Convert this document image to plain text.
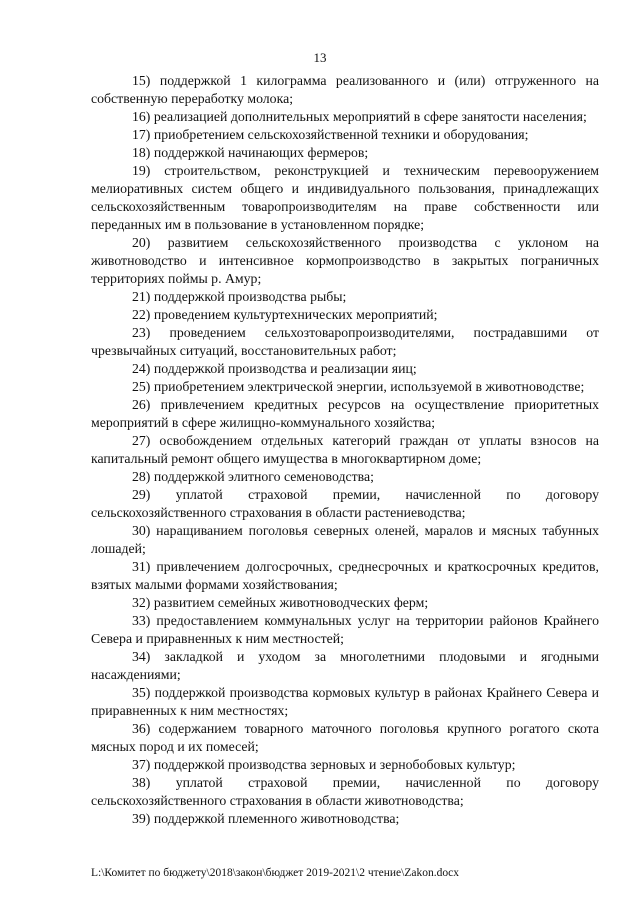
13

15) поддержкой 1 килограмма реализованного и (или) отгруженного на собственную переработку молока;

16) реализацией дополнительных мероприятий в сфере занятости населения;

17) приобретением сельскохозяйственной техники и оборудования;

18) поддержкой начинающих фермеров;

19) строительством, реконструкцией и техническим перевооружением мелиоративных систем общего и индивидуального пользования, принадлежащих сельскохозяйственным товаропроизводителям на праве собственности или переданных им в пользование в установленном порядке;

20) развитием сельскохозяйственного производства с уклоном на животноводство и интенсивное кормопроизводство в закрытых пограничных территориях поймы р. Амур;

21) поддержкой производства рыбы;

22) проведением культуртехнических мероприятий;

23) проведением сельхозтоваропроизводителями, пострадавшими от чрезвычайных ситуаций, восстановительных работ;

24) поддержкой производства и реализации яиц;

25) приобретением электрической энергии, используемой в животноводстве;

26) привлечением кредитных ресурсов на осуществление приоритетных мероприятий в сфере жилищно-коммунального хозяйства;

27) освобождением отдельных категорий граждан от уплаты взносов на капитальный ремонт общего имущества в многоквартирном доме;

28) поддержкой элитного семеноводства;

29) уплатой страховой премии, начисленной по договору сельскохозяйственного страхования в области растениеводства;

30) наращиванием поголовья северных оленей, маралов и мясных табунных лошадей;

31) привлечением долгосрочных, среднесрочных и краткосрочных кредитов, взятых малыми формами хозяйствования;

32) развитием семейных животноводческих ферм;

33) предоставлением коммунальных услуг на территории районов Крайнего Севера и приравненных к ним местностей;

34) закладкой и уходом за многолетними плодовыми и ягодными насаждениями;

35) поддержкой производства кормовых культур в районах Крайнего Севера и приравненных к ним местностях;

36) содержанием товарного маточного поголовья крупного рогатого скота мясных пород и их помесей;

37) поддержкой производства зерновых и зернобобовых культур;

38) уплатой страховой премии, начисленной по договору сельскохозяйственного страхования в области животноводства;

39) поддержкой племенного животноводства;

L:\Комитет по бюджету\2018\закон\бюджет 2019-2021\2 чтение\Zakon.docx
